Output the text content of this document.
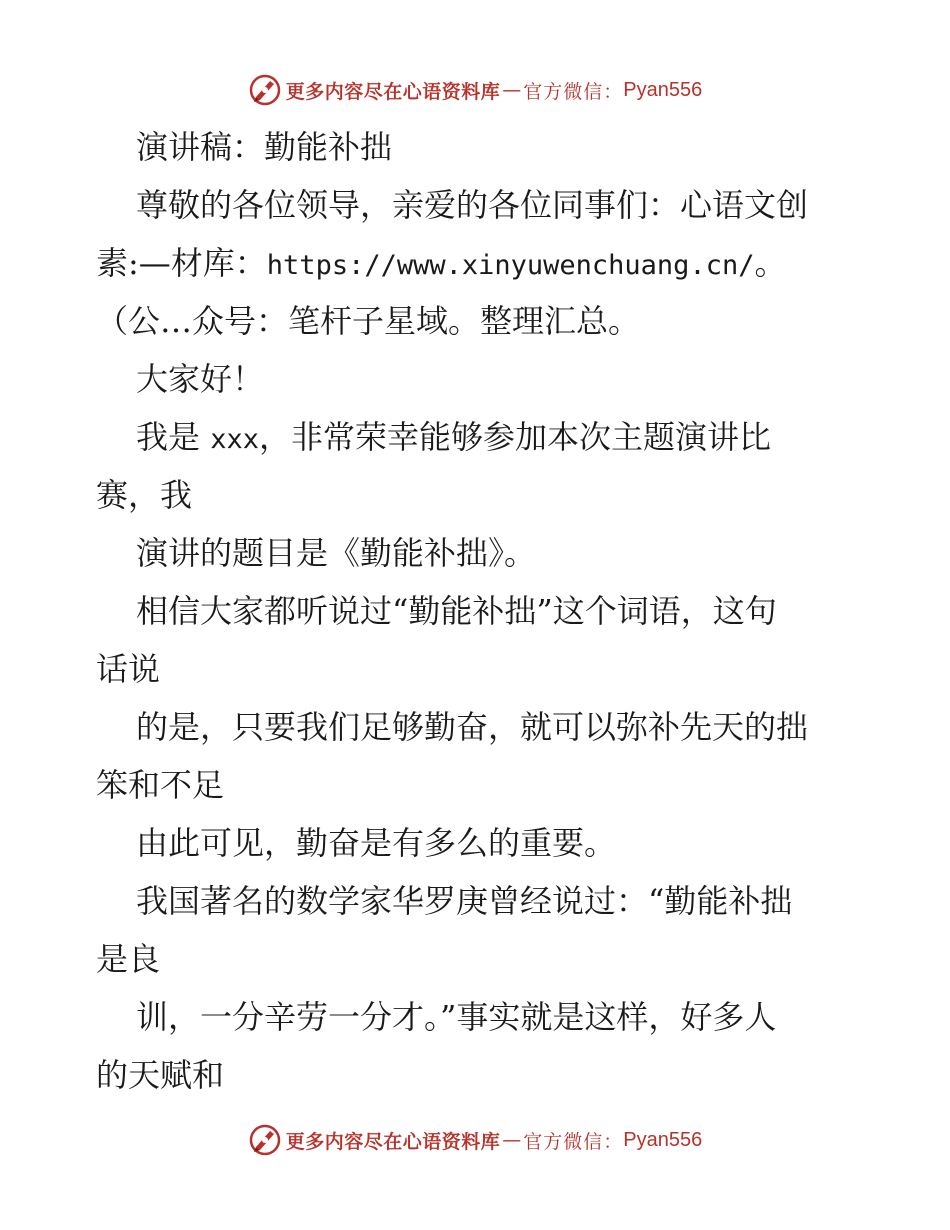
更多内容尽在心语资料库 — 官方微信： Pyan556
演讲稿：勤能补拙
尊敬的各位领导，亲爱的各位同事们：心语文创
素:—材库：https://www.xinyuwenchuang.cn/。
（公…众号：笔杆子星域。整理汇总。
大家好！
我是 xxx，非常荣幸能够参加本次主题演讲比
赛，我
演讲的题目是《勤能补拙》。
相信大家都听说过“勤能补拙”这个词语，这句
话说
的是，只要我们足够勤奋，就可以弥补先天的拙
笨和不足
由此可见，勤奋是有多么的重要。
我国著名的数学家华罗庚曾经说过：“勤能补拙
是良
训，一分辛劳一分才。”事实就是这样，好多人
的天赋和
更多内容尽在心语资料库 — 官方微信： Pyan556
